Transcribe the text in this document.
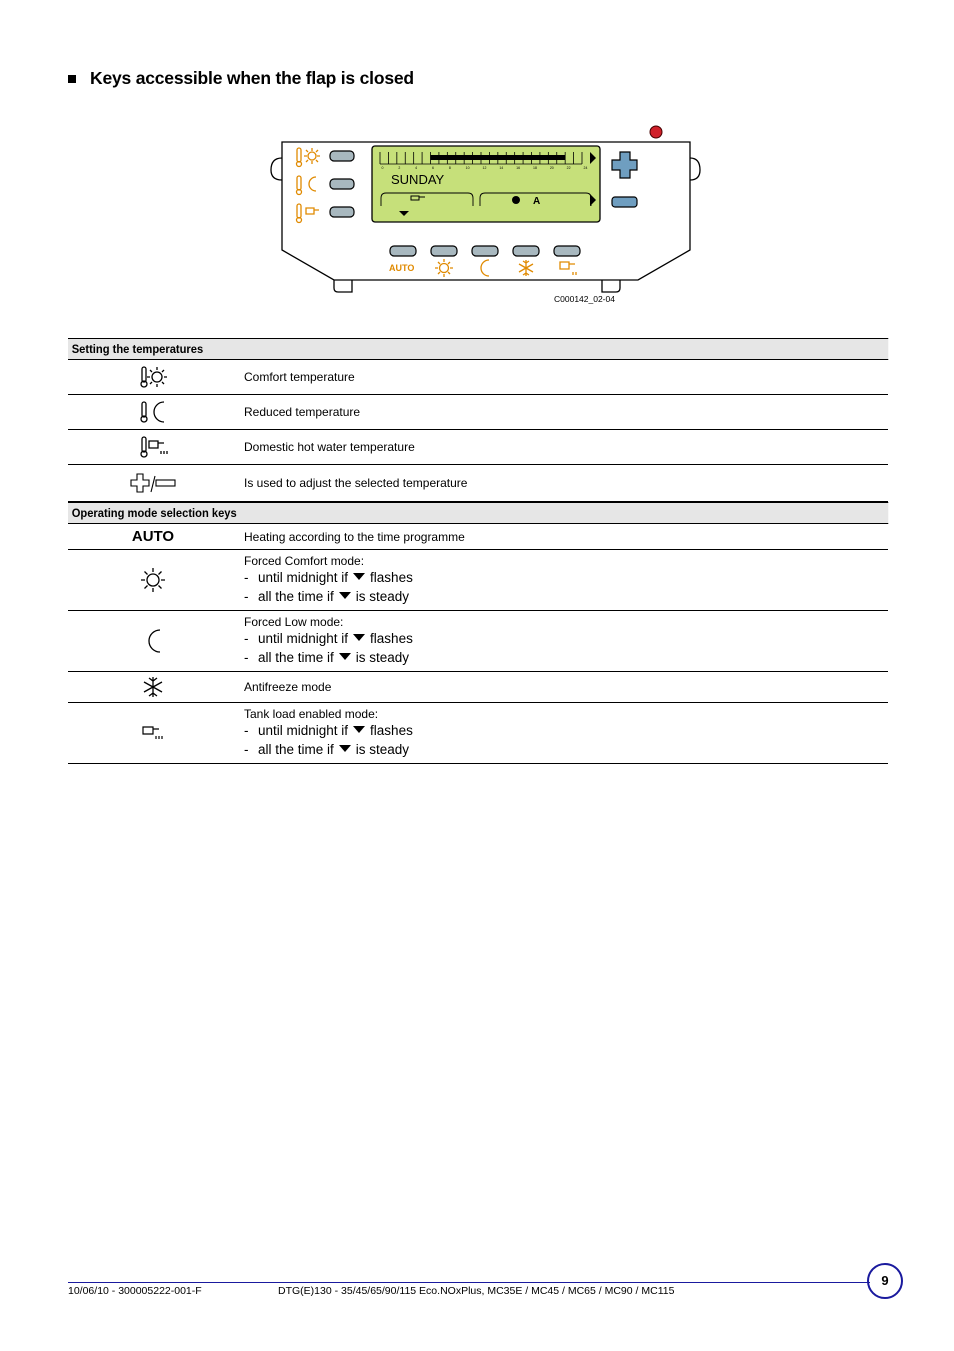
Keys accessible when the flap is closed
0	2	4	6	8	10	12	14	16	18	20	22	24
SUNDAY
A
AUTO
C000142_02-04
Setting the temperatures
Comfort temperature
Reduced temperature
Domestic hot water temperature
Is used to adjust the selected temperature
Operating mode selection keys
AUTO	Heating according to the time programme
Forced Comfort mode:
- until midnight if flashes
- all the time if is steady
Forced Low mode:
- until midnight if flashes
- all the time if is steady
Antifreeze mode
Tank load enabled mode:
- until midnight if flashes
- all the time if is steady
10/06/10 - 300005222-001-F	DTG(E)130 - 35/45/65/90/115 Eco.NOxPlus, MC35E / MC45 / MC65 / MC90 / MC115
9
